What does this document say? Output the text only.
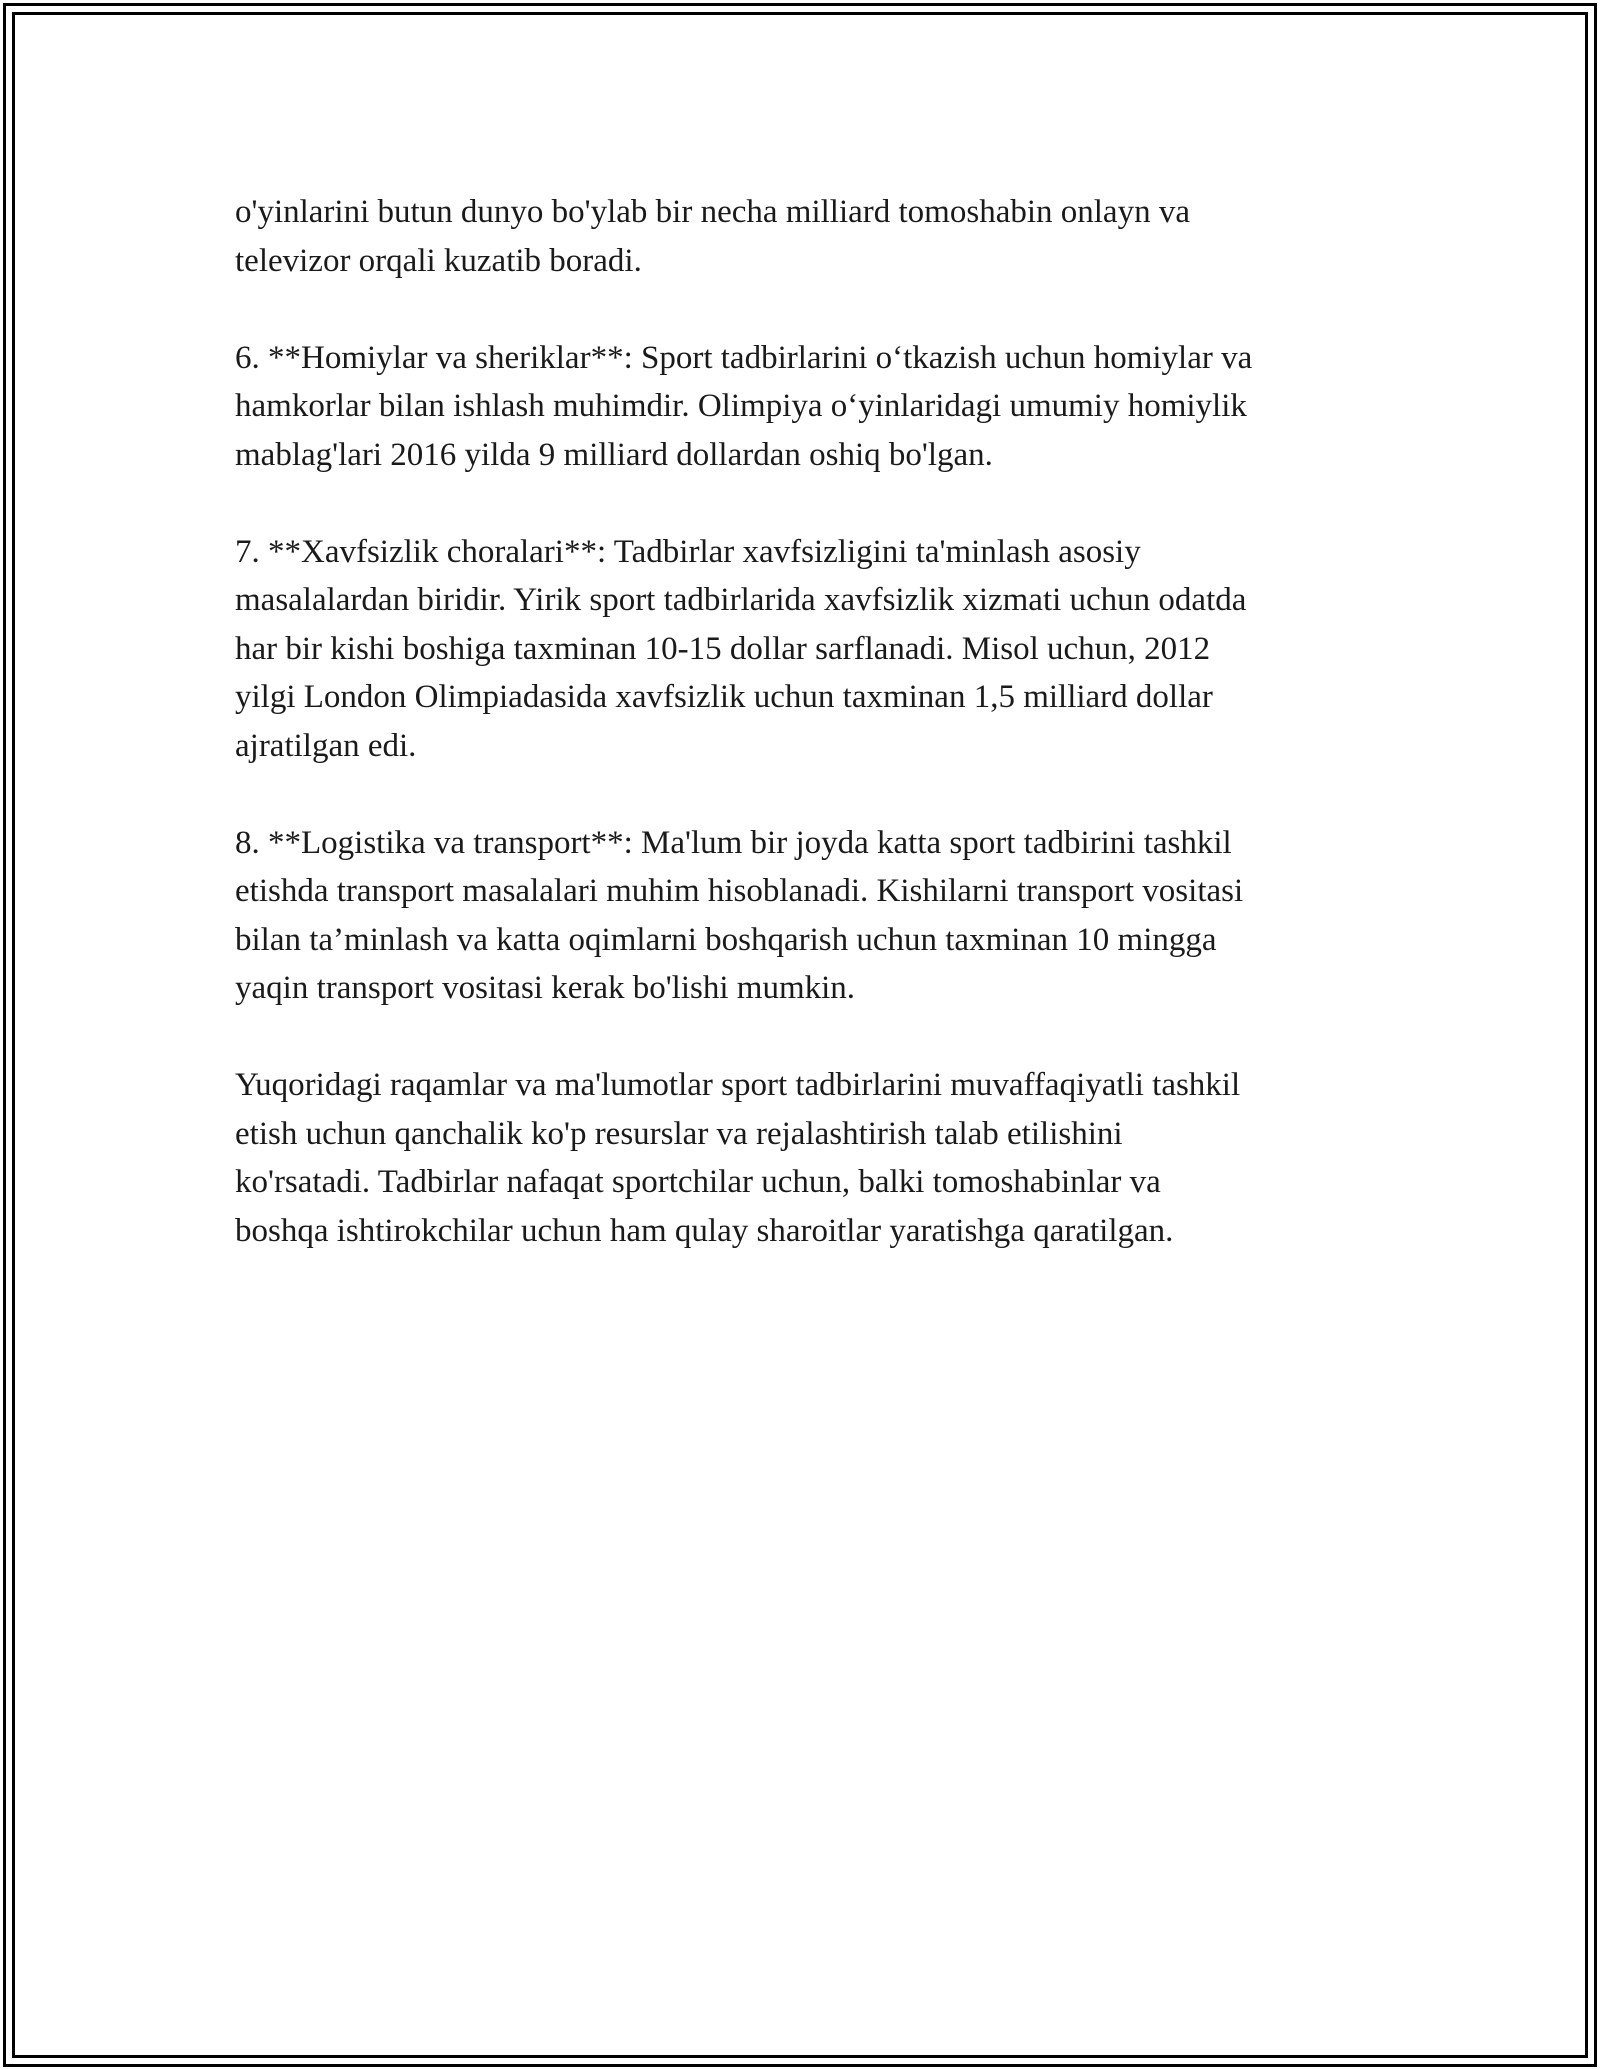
o'yinlarini butun dunyo bo'ylab bir necha milliard tomoshabin onlayn va
televizor orqali kuzatib boradi.

6. **Homiylar va sheriklar**: Sport tadbirlarini o‘tkazish uchun homiylar va
hamkorlar bilan ishlash muhimdir. Olimpiya o‘yinlaridagi umumiy homiylik
mablag'lari 2016 yilda 9 milliard dollardan oshiq bo'lgan.

7. **Xavfsizlik choralari**: Tadbirlar xavfsizligini ta'minlash asosiy
masalalardan biridir. Yirik sport tadbirlarida xavfsizlik xizmati uchun odatda
har bir kishi boshiga taxminan 10-15 dollar sarflanadi. Misol uchun, 2012
yilgi London Olimpiadasida xavfsizlik uchun taxminan 1,5 milliard dollar
ajratilgan edi.

8. **Logistika va transport**: Ma'lum bir joyda katta sport tadbirini tashkil
etishda transport masalalari muhim hisoblanadi. Kishilarni transport vositasi
bilan ta’minlash va katta oqimlarni boshqarish uchun taxminan 10 mingga
yaqin transport vositasi kerak bo'lishi mumkin.

Yuqoridagi raqamlar va ma'lumotlar sport tadbirlarini muvaffaqiyatli tashkil
etish uchun qanchalik ko'p resurslar va rejalashtirish talab etilishini
ko'rsatadi. Tadbirlar nafaqat sportchilar uchun, balki tomoshabinlar va
boshqa ishtirokchilar uchun ham qulay sharoitlar yaratishga qaratilgan.
